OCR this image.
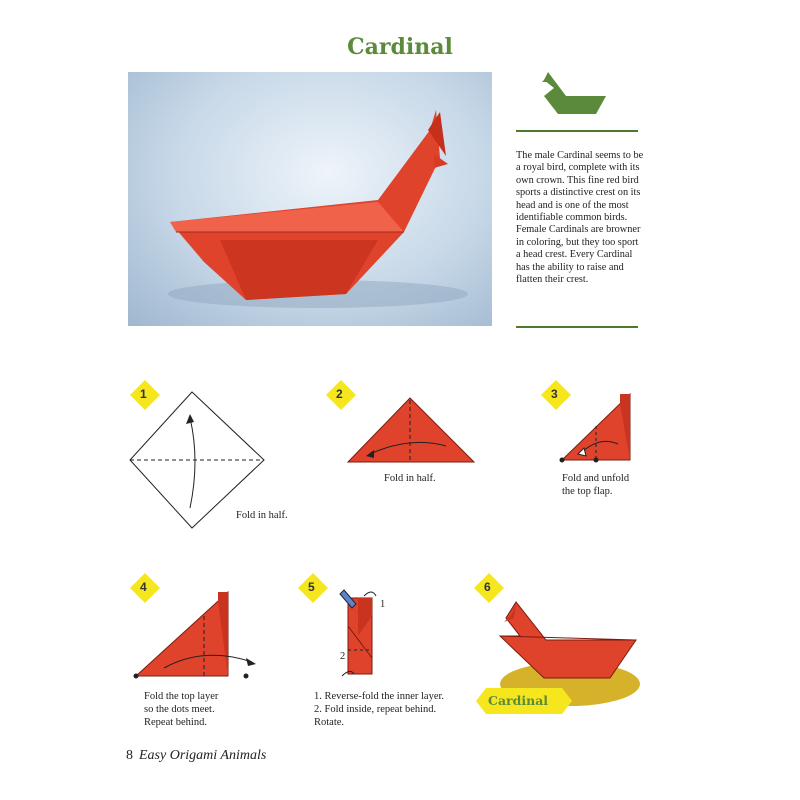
Cardinal
The male Cardinal seems to be a royal bird, complete with its own crown. This fine red bird sports a distinctive crest on its head and is one of the most identifiable common birds. Female Cardinals are browner in coloring, but they too sport a head crest. Every Cardinal has the ability to raise and flatten their crest.
1
Fold in half.
2
Fold in half.
3
Fold and unfold
the top flap.
4
Fold the top layer
so the dots meet.
Repeat behind.
5
1
2
1. Reverse-fold the inner layer.
2. Fold inside, repeat behind.
Rotate.
6
Cardinal
8 Easy Origami Animals
